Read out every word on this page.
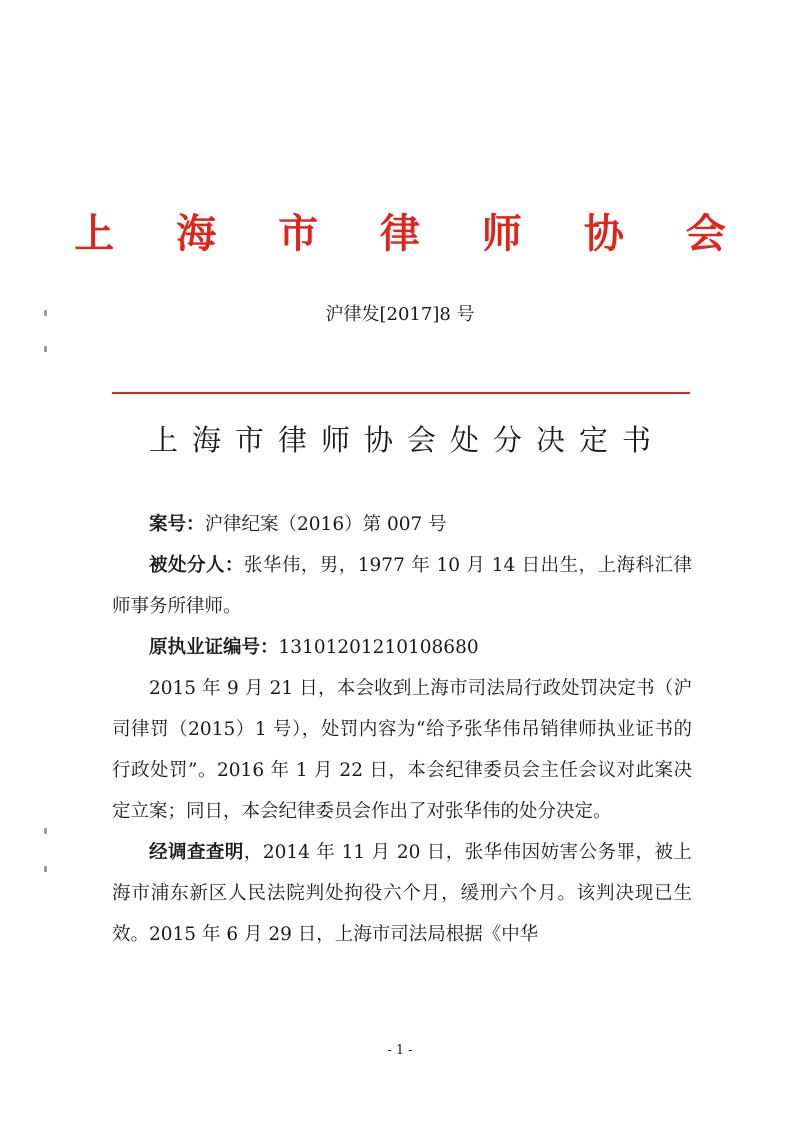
上 海 市 律 师 协 会
沪律发[2017]8 号
上海市律师协会处分决定书

案号：沪律纪案（2016）第 007 号

被处分人：张华伟，男，1977 年 10 月 14 日出生，上海科汇律师事务所律师。

原执业证编号：13101201210108680

2015 年 9 月 21 日，本会收到上海市司法局行政处罚决定书（沪司律罚（2015）1 号），处罚内容为“给予张华伟吊销律师执业证书的行政处罚”。2016 年 1 月 22 日，本会纪律委员会主任会议对此案决定立案；同日，本会纪律委员会作出了对张华伟的处分决定。

经调查查明，2014 年 11 月 20 日，张华伟因妨害公务罪，被上海市浦东新区人民法院判处拘役六个月，缓刑六个月。该判决现已生效。2015 年 6 月 29 日，上海市司法局根据《中华

- 1 -
